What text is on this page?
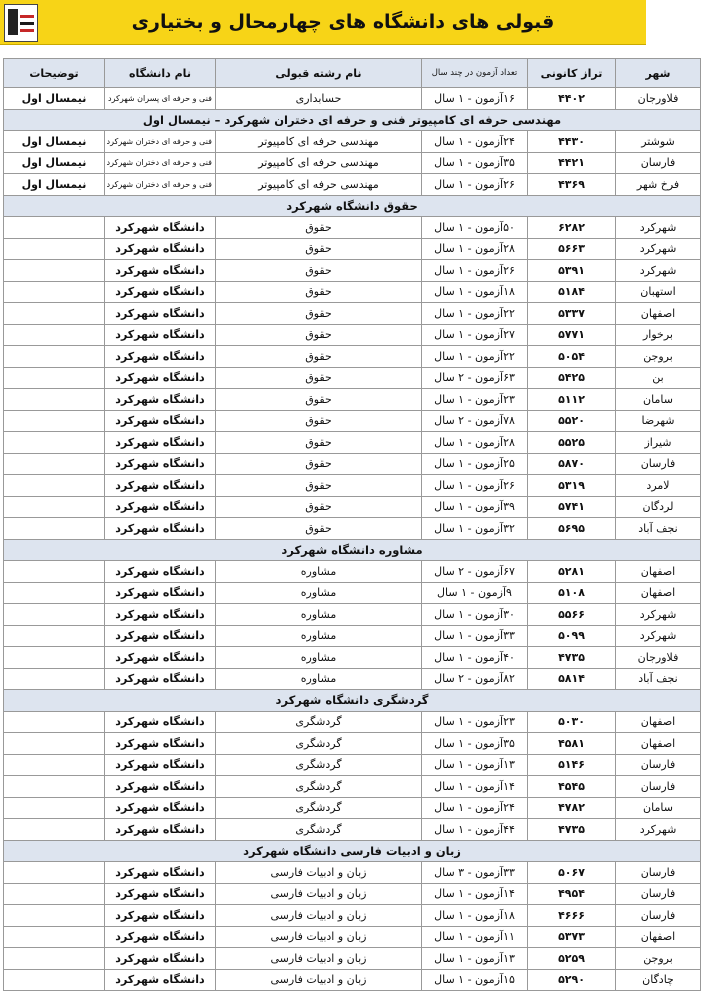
قبولی های دانشگاه های چهارمحال و بختیاری
شهر	تراز کانونی	تعداد آزمون در چند سال	نام رشته قبولی	نام دانشگاه	توضیحات
فلاورجان	۴۴۰۲	۱۶آزمون - ۱ سال	حسابداری	فنی و حرفه ای پسران شهرکرد	نیمسال اول
مهندسی حرفه ای کامپیوتر فنی و حرفه ای دختران شهرکرد – نیمسال اول					
شوشتر	۴۴۳۰	۲۴آزمون - ۱ سال	مهندسی حرفه ای کامپیوتر	فنی و حرفه ای دختران شهرکرد	نیمسال اول
فارسان	۴۴۲۱	۳۵آزمون - ۱ سال	مهندسی حرفه ای کامپیوتر	فنی و حرفه ای دختران شهرکرد	نیمسال اول
فرخ شهر	۴۳۶۹	۲۶آزمون - ۱ سال	مهندسی حرفه ای کامپیوتر	فنی و حرفه ای دختران شهرکرد	نیمسال اول
حقوق دانشگاه شهرکرد					
شهرکرد	۶۲۸۲	۵۰آزمون - ۱ سال	حقوق	دانشگاه شهرکرد	
شهرکرد	۵۶۶۳	۲۸آزمون - ۱ سال	حقوق	دانشگاه شهرکرد	
شهرکرد	۵۳۹۱	۲۶آزمون - ۱ سال	حقوق	دانشگاه شهرکرد	
استهبان	۵۱۸۴	۱۸آزمون - ۱ سال	حقوق	دانشگاه شهرکرد	
اصفهان	۵۳۳۷	۲۲آزمون - ۱ سال	حقوق	دانشگاه شهرکرد	
برخوار	۵۷۷۱	۲۷آزمون - ۱ سال	حقوق	دانشگاه شهرکرد	
بروجن	۵۰۵۴	۲۲آزمون - ۱ سال	حقوق	دانشگاه شهرکرد	
بن	۵۴۲۵	۶۳آزمون - ۲ سال	حقوق	دانشگاه شهرکرد	
سامان	۵۱۱۲	۲۳آزمون - ۱ سال	حقوق	دانشگاه شهرکرد	
شهرضا	۵۵۲۰	۷۸آزمون - ۲ سال	حقوق	دانشگاه شهرکرد	
شیراز	۵۵۲۵	۲۸آزمون - ۱ سال	حقوق	دانشگاه شهرکرد	
فارسان	۵۸۷۰	۲۵آزمون - ۱ سال	حقوق	دانشگاه شهرکرد	
لامرد	۵۳۱۹	۲۶آزمون - ۱ سال	حقوق	دانشگاه شهرکرد	
لردگان	۵۷۴۱	۳۹آزمون - ۱ سال	حقوق	دانشگاه شهرکرد	
نجف آباد	۵۶۹۵	۳۲آزمون - ۱ سال	حقوق	دانشگاه شهرکرد	
مشاوره دانشگاه شهرکرد					
اصفهان	۵۲۸۱	۶۷آزمون - ۲ سال	مشاوره	دانشگاه شهرکرد	
اصفهان	۵۱۰۸	۹آزمون - ۱ سال	مشاوره	دانشگاه شهرکرد	
شهرکرد	۵۵۶۶	۳۰آزمون - ۱ سال	مشاوره	دانشگاه شهرکرد	
شهرکرد	۵۰۹۹	۳۳آزمون - ۱ سال	مشاوره	دانشگاه شهرکرد	
فلاورجان	۴۷۳۵	۴۰آزمون - ۱ سال	مشاوره	دانشگاه شهرکرد	
نجف آباد	۵۸۱۴	۸۲آزمون - ۲ سال	مشاوره	دانشگاه شهرکرد	
گردشگری دانشگاه شهرکرد					
اصفهان	۵۰۳۰	۲۳آزمون - ۱ سال	گردشگری	دانشگاه شهرکرد	
اصفهان	۴۵۸۱	۳۵آزمون - ۱ سال	گردشگری	دانشگاه شهرکرد	
فارسان	۵۱۴۶	۱۳آزمون - ۱ سال	گردشگری	دانشگاه شهرکرد	
فارسان	۴۵۴۵	۱۴آزمون - ۱ سال	گردشگری	دانشگاه شهرکرد	
سامان	۴۷۸۲	۲۴آزمون - ۱ سال	گردشگری	دانشگاه شهرکرد	
شهرکرد	۴۷۳۵	۴۴آزمون - ۱ سال	گردشگری	دانشگاه شهرکرد	
زبان و ادبیات فارسی دانشگاه شهرکرد					
فارسان	۵۰۶۷	۳۳آزمون - ۳ سال	زبان و ادبیات فارسی	دانشگاه شهرکرد	
فارسان	۴۹۵۴	۱۴آزمون - ۱ سال	زبان و ادبیات فارسی	دانشگاه شهرکرد	
فارسان	۴۶۶۶	۱۸آزمون - ۱ سال	زبان و ادبیات فارسی	دانشگاه شهرکرد	
اصفهان	۵۳۷۳	۱۱آزمون - ۱ سال	زبان و ادبیات فارسی	دانشگاه شهرکرد	
بروجن	۵۲۵۹	۱۳آزمون - ۱ سال	زبان و ادبیات فارسی	دانشگاه شهرکرد	
چادگان	۵۲۹۰	۱۵آزمون - ۱ سال	زبان و ادبیات فارسی	دانشگاه شهرکرد	
